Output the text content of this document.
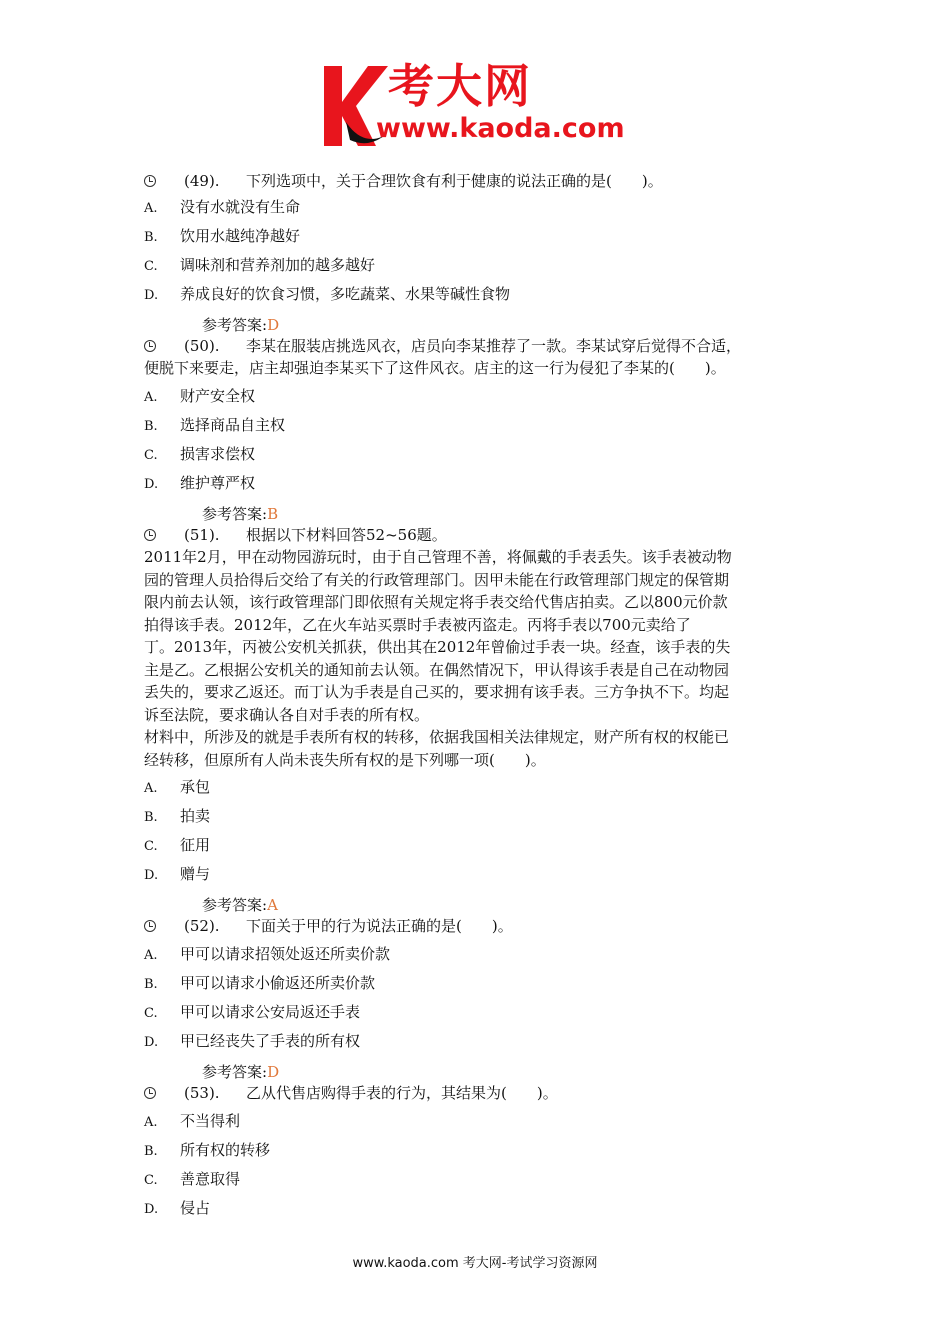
考大网
www.kaoda.com
(49). 下列选项中，关于合理饮食有利于健康的说法正确的是(　　)。
A. 没有水就没有生命
B. 饮用水越纯净越好
C. 调味剂和营养剂加的越多越好
D. 养成良好的饮食习惯，多吃蔬菜、水果等碱性食物
参考答案:D
(50). 李某在服装店挑选风衣，店员向李某推荐了一款。李某试穿后觉得不合适，
便脱下来要走，店主却强迫李某买下了这件风衣。店主的这一行为侵犯了李某的(　　)。
A. 财产安全权
B. 选择商品自主权
C. 损害求偿权
D. 维护尊严权
参考答案:B
(51). 根据以下材料回答52~56题。
2011年2月，甲在动物园游玩时，由于自己管理不善，将佩戴的手表丢失。该手表被动物
园的管理人员拾得后交给了有关的行政管理部门。因甲未能在行政管理部门规定的保管期
限内前去认领，该行政管理部门即依照有关规定将手表交给代售店拍卖。乙以800元价款
拍得该手表。2012年，乙在火车站买票时手表被丙盗走。丙将手表以700元卖给了
丁。2013年，丙被公安机关抓获，供出其在2012年曾偷过手表一块。经查，该手表的失
主是乙。乙根据公安机关的通知前去认领。在偶然情况下，甲认得该手表是自己在动物园
丢失的，要求乙返还。而丁认为手表是自己买的，要求拥有该手表。三方争执不下。均起
诉至法院，要求确认各自对手表的所有权。
材料中，所涉及的就是手表所有权的转移，依据我国相关法律规定，财产所有权的权能已
经转移，但原所有人尚未丧失所有权的是下列哪一项(　　)。
A. 承包
B. 拍卖
C. 征用
D. 赠与
参考答案:A
(52). 下面关于甲的行为说法正确的是(　　)。
A. 甲可以请求招领处返还所卖价款
B. 甲可以请求小偷返还所卖价款
C. 甲可以请求公安局返还手表
D. 甲已经丧失了手表的所有权
参考答案:D
(53). 乙从代售店购得手表的行为，其结果为(　　)。
A. 不当得利
B. 所有权的转移
C. 善意取得
D. 侵占
www.kaoda.com 考大网-考试学习资源网
